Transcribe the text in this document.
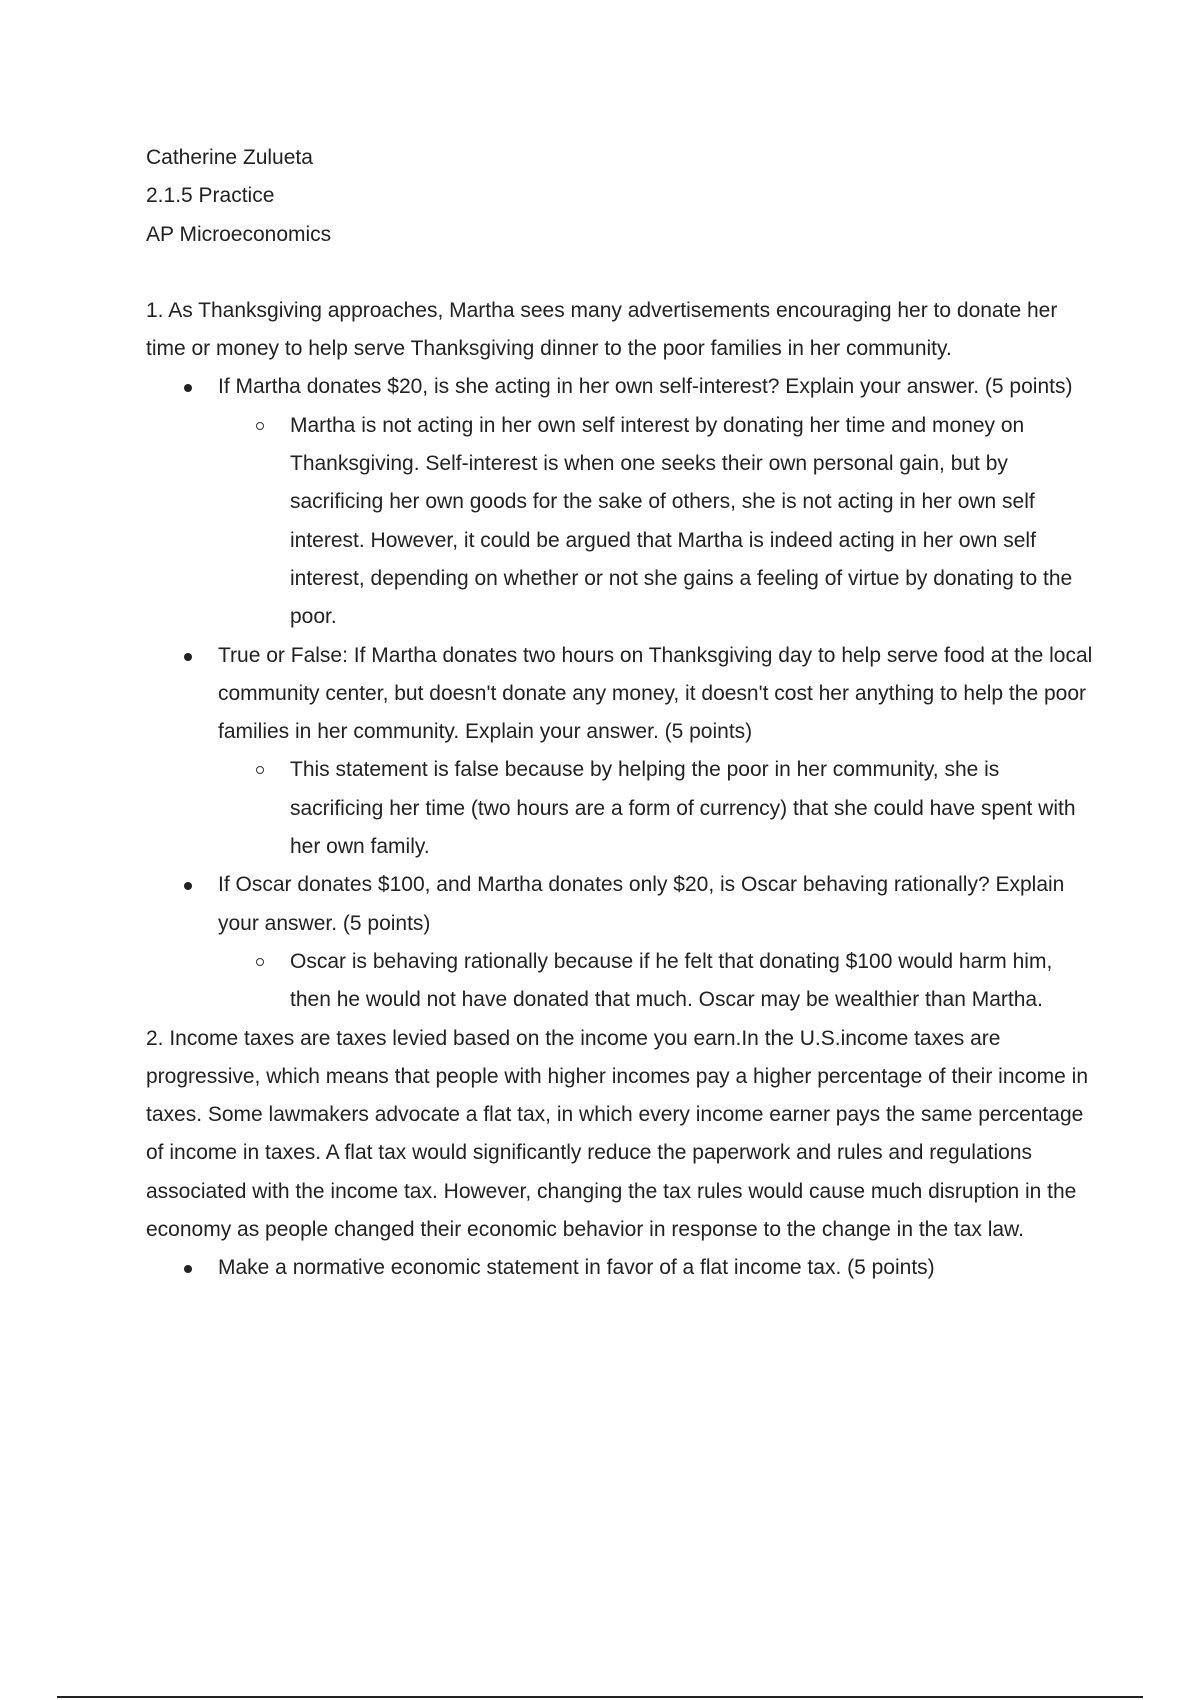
Catherine Zulueta
2.1.5 Practice
AP Microeconomics
1. As Thanksgiving approaches, Martha sees many advertisements encouraging her to donate her time or money to help serve Thanksgiving dinner to the poor families in her community.
If Martha donates $20, is she acting in her own self-interest? Explain your answer. (5 points)
Martha is not acting in her own self interest by donating her time and money on Thanksgiving. Self-interest is when one seeks their own personal gain, but by sacrificing her own goods for the sake of others, she is not acting in her own self interest. However, it could be argued that Martha is indeed acting in her own self interest, depending on whether or not she gains a feeling of virtue by donating to the poor.
True or False: If Martha donates two hours on Thanksgiving day to help serve food at the local community center, but doesn't donate any money, it doesn't cost her anything to help the poor families in her community. Explain your answer. (5 points)
This statement is false because by helping the poor in her community, she is sacrificing her time (two hours are a form of currency) that she could have spent with her own family.
If Oscar donates $100, and Martha donates only $20, is Oscar behaving rationally? Explain your answer. (5 points)
Oscar is behaving rationally because if he felt that donating $100 would harm him, then he would not have donated that much. Oscar may be wealthier than Martha.
2. Income taxes are taxes levied based on the income you earn.In the U.S.income taxes are progressive, which means that people with higher incomes pay a higher percentage of their income in taxes. Some lawmakers advocate a flat tax, in which every income earner pays the same percentage of income in taxes. A flat tax would significantly reduce the paperwork and rules and regulations associated with the income tax. However, changing the tax rules would cause much disruption in the economy as people changed their economic behavior in response to the change in the tax law.
Make a normative economic statement in favor of a flat income tax. (5 points)
